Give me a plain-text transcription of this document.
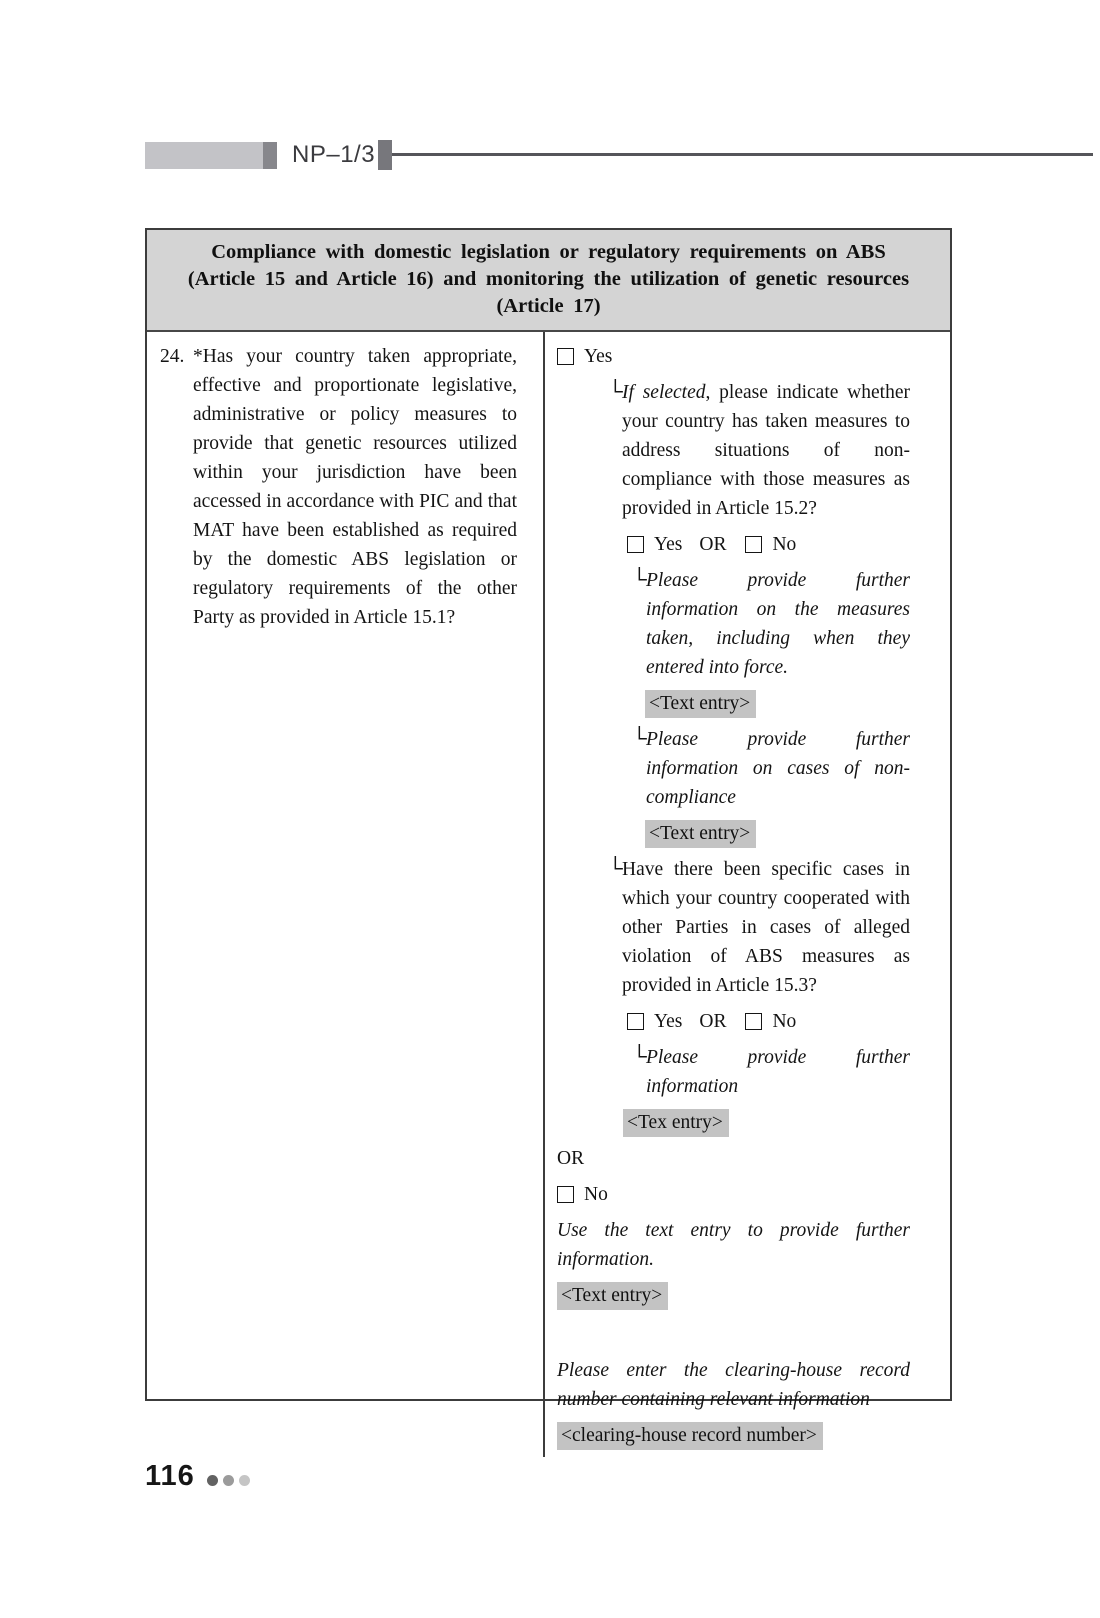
NP–1/3
Compliance with domestic legislation or regulatory requirements on ABS
(Article 15 and Article 16) and monitoring the utilization of genetic resources
(Article 17)
24. *Has your country taken appropriate, effective and proportionate legislative, administrative or policy measures to provide that genetic resources utilized within your jurisdiction have been accessed in accordance with PIC and that MAT have been established as required by the domestic ABS legislation or regulatory requirements of the other Party as provided in Article 15.1?

Yes
└ If selected, please indicate whether your country has taken measures to address situations of non-compliance with those measures as provided in Article 15.2?

Yes OR No
└ Please provide further information on the measures taken, including when they entered into force.

<Text entry>
└ Please provide further information on cases of non-compliance

<Text entry>
└ Have there been specific cases in which your country cooperated with other Parties in cases of alleged violation of ABS measures as provided in Article 15.3?

Yes OR No
└ Please provide further information

<Tex entry>
OR
No

Use the text entry to provide further information.

<Text entry>

Please enter the clearing-house record number containing relevant information

<clearing-house record number>
116
